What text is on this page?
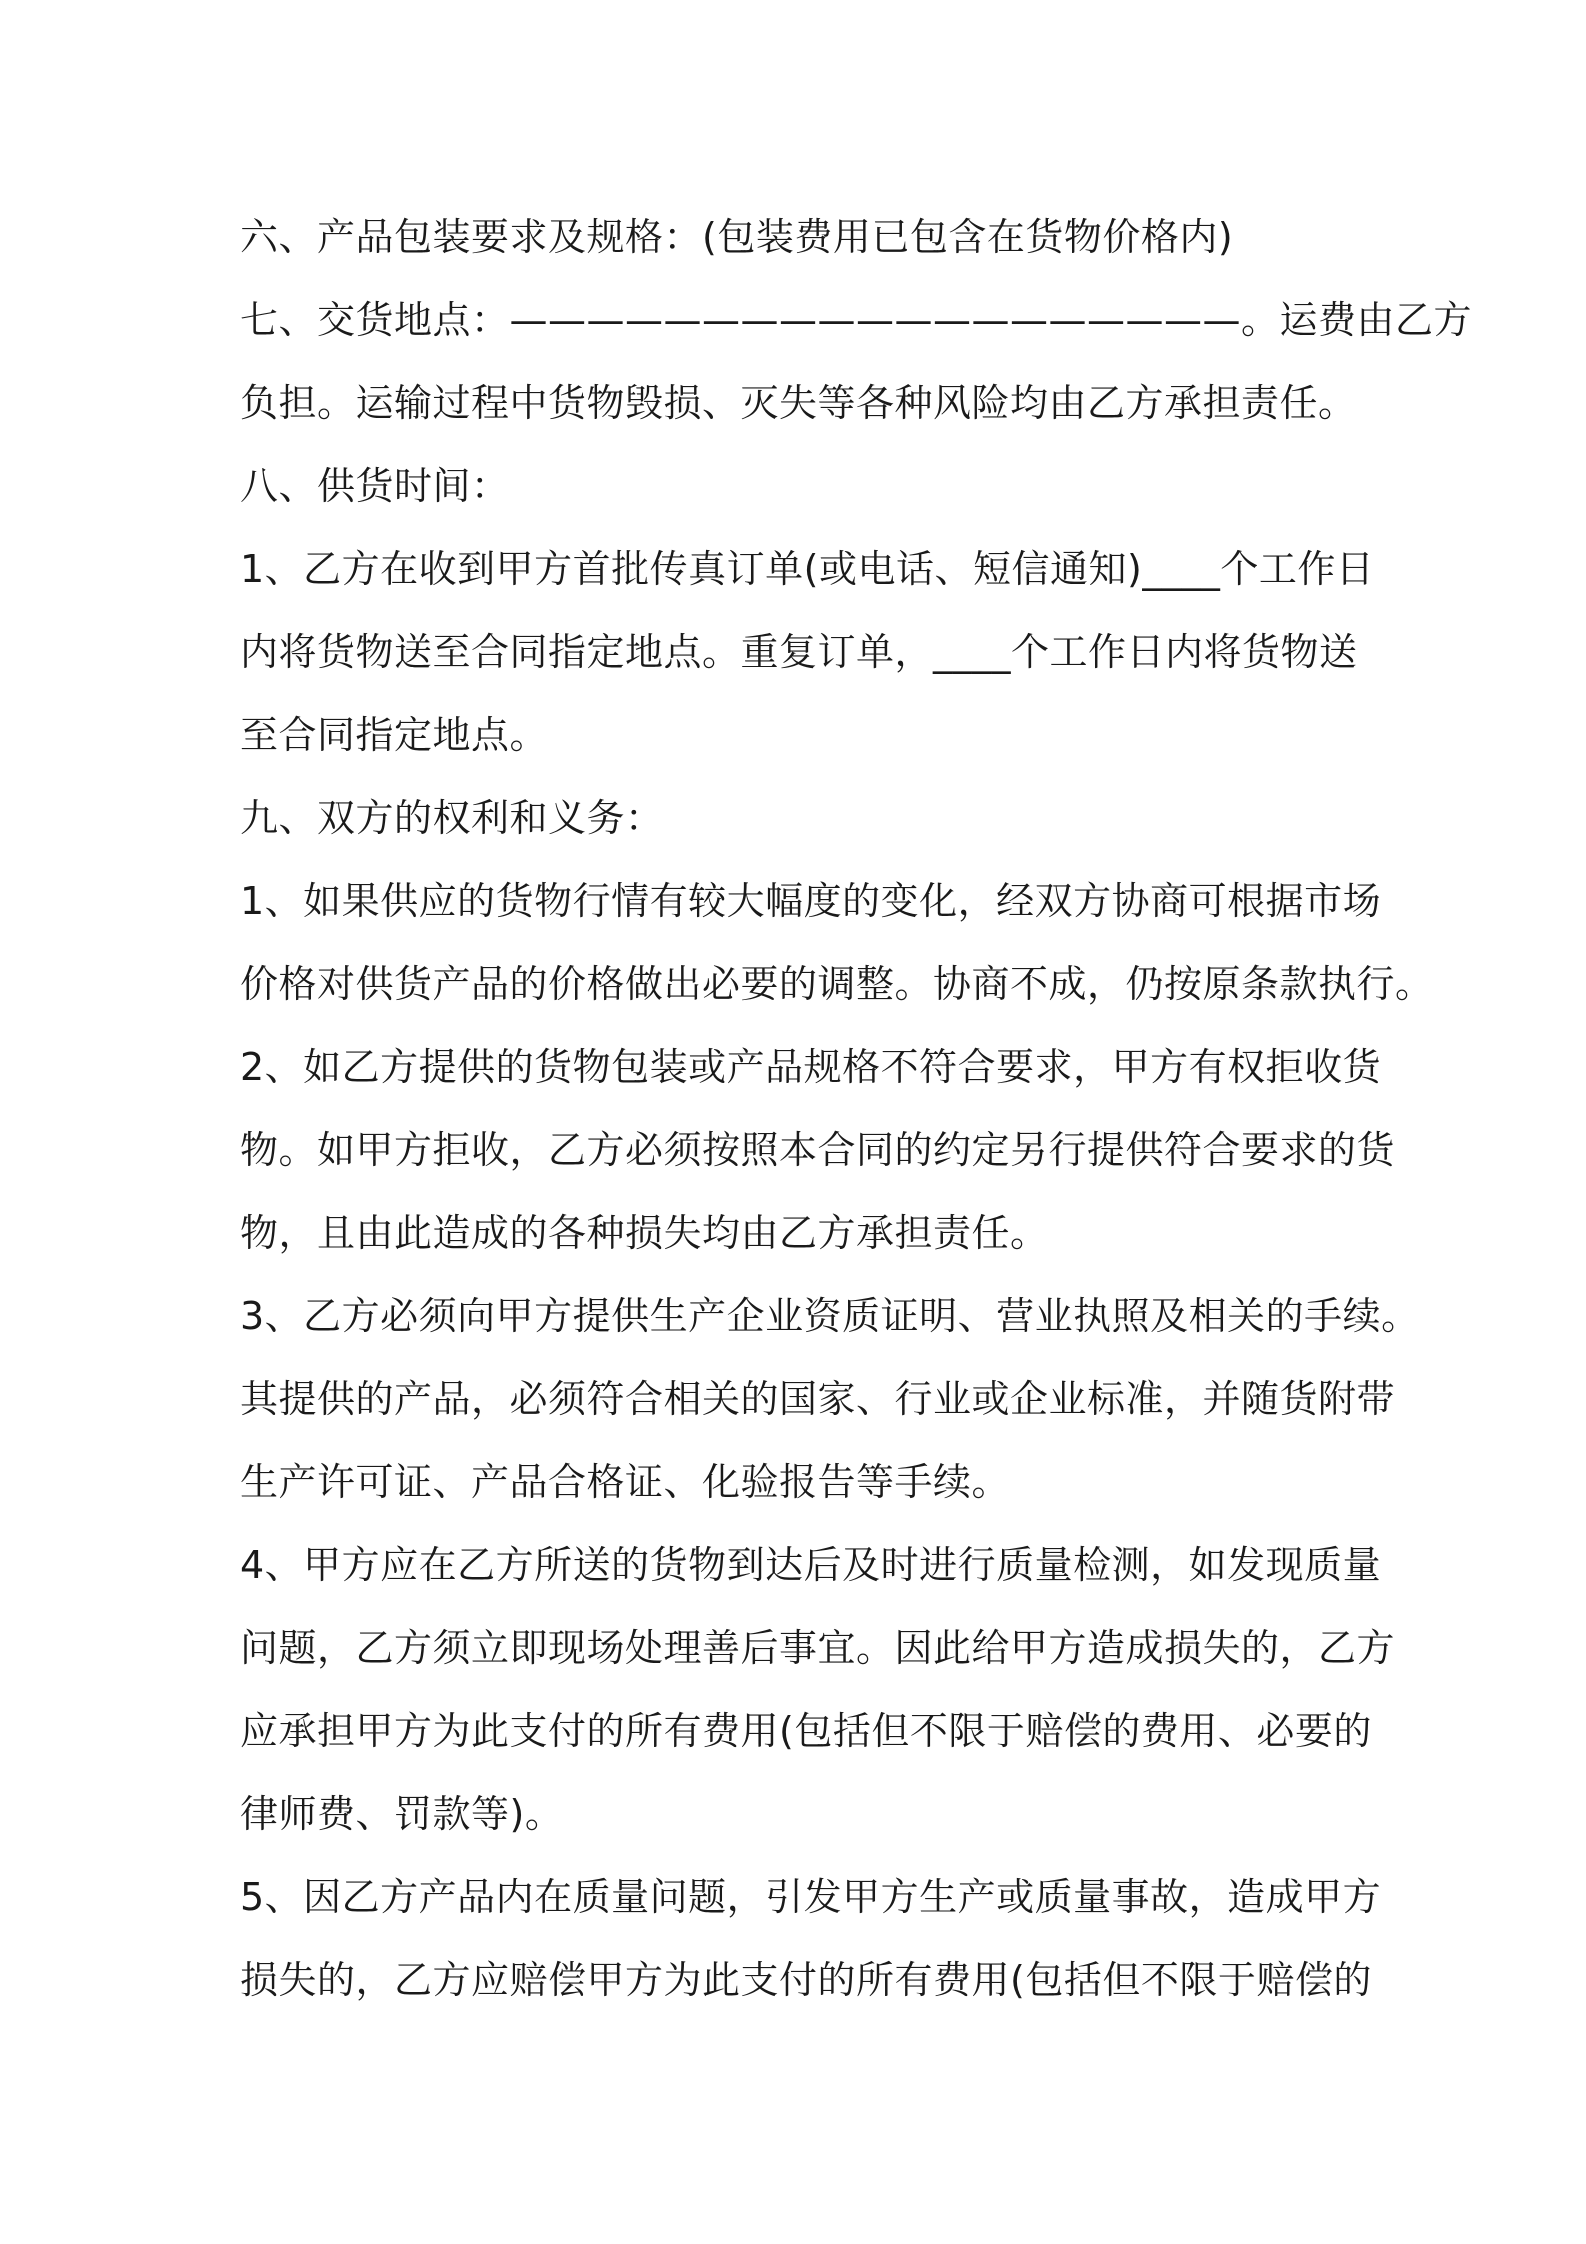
六、产品包装要求及规格：(包装费用已包含在货物价格内)
七、交货地点：———————————————————。运费由乙方
负担。运输过程中货物毁损、灭失等各种风险均由乙方承担责任。
八、供货时间：
1、乙方在收到甲方首批传真订单(或电话、短信通知)____个工作日
内将货物送至合同指定地点。重复订单，____个工作日内将货物送
至合同指定地点。
九、双方的权利和义务：
1、如果供应的货物行情有较大幅度的变化，经双方协商可根据市场
价格对供货产品的价格做出必要的调整。协商不成，仍按原条款执行。
2、如乙方提供的货物包装或产品规格不符合要求，甲方有权拒收货
物。如甲方拒收，乙方必须按照本合同的约定另行提供符合要求的货
物，且由此造成的各种损失均由乙方承担责任。
3、乙方必须向甲方提供生产企业资质证明、营业执照及相关的手续。
其提供的产品，必须符合相关的国家、行业或企业标准，并随货附带
生产许可证、产品合格证、化验报告等手续。
4、甲方应在乙方所送的货物到达后及时进行质量检测，如发现质量
问题，乙方须立即现场处理善后事宜。因此给甲方造成损失的，乙方
应承担甲方为此支付的所有费用(包括但不限于赔偿的费用、必要的
律师费、罚款等)。
5、因乙方产品内在质量问题，引发甲方生产或质量事故，造成甲方
损失的，乙方应赔偿甲方为此支付的所有费用(包括但不限于赔偿的
